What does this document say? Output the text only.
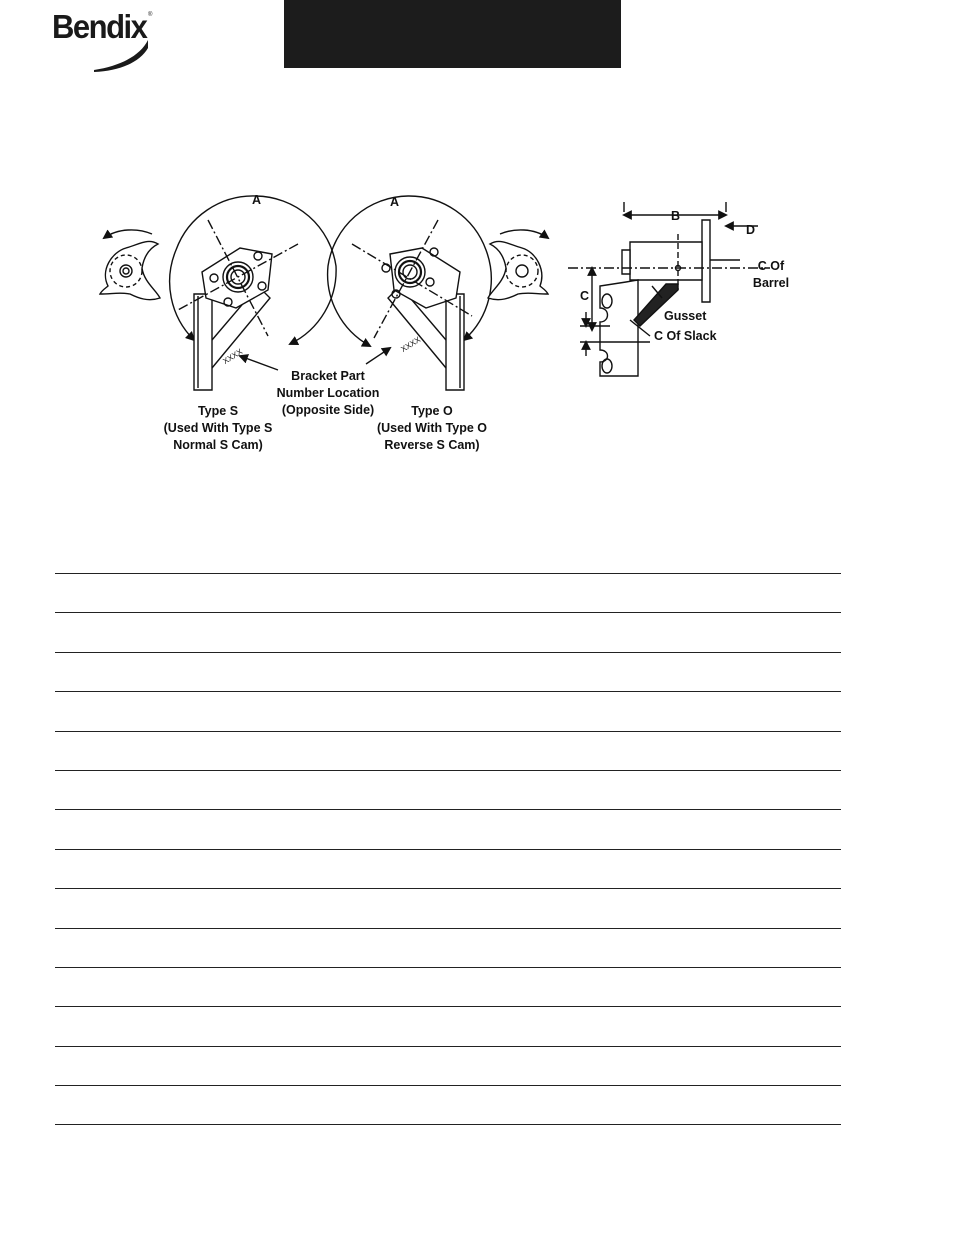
Bendix ®
A	A
B
C
D
C Of
Barrel
Gusset
C Of Slack
Bracket Part
Number Location
(Opposite Side)
Type S
(Used With Type S
Normal S Cam)
Type O
(Used With Type O
Reverse S Cam)
XXXX
XXXX
